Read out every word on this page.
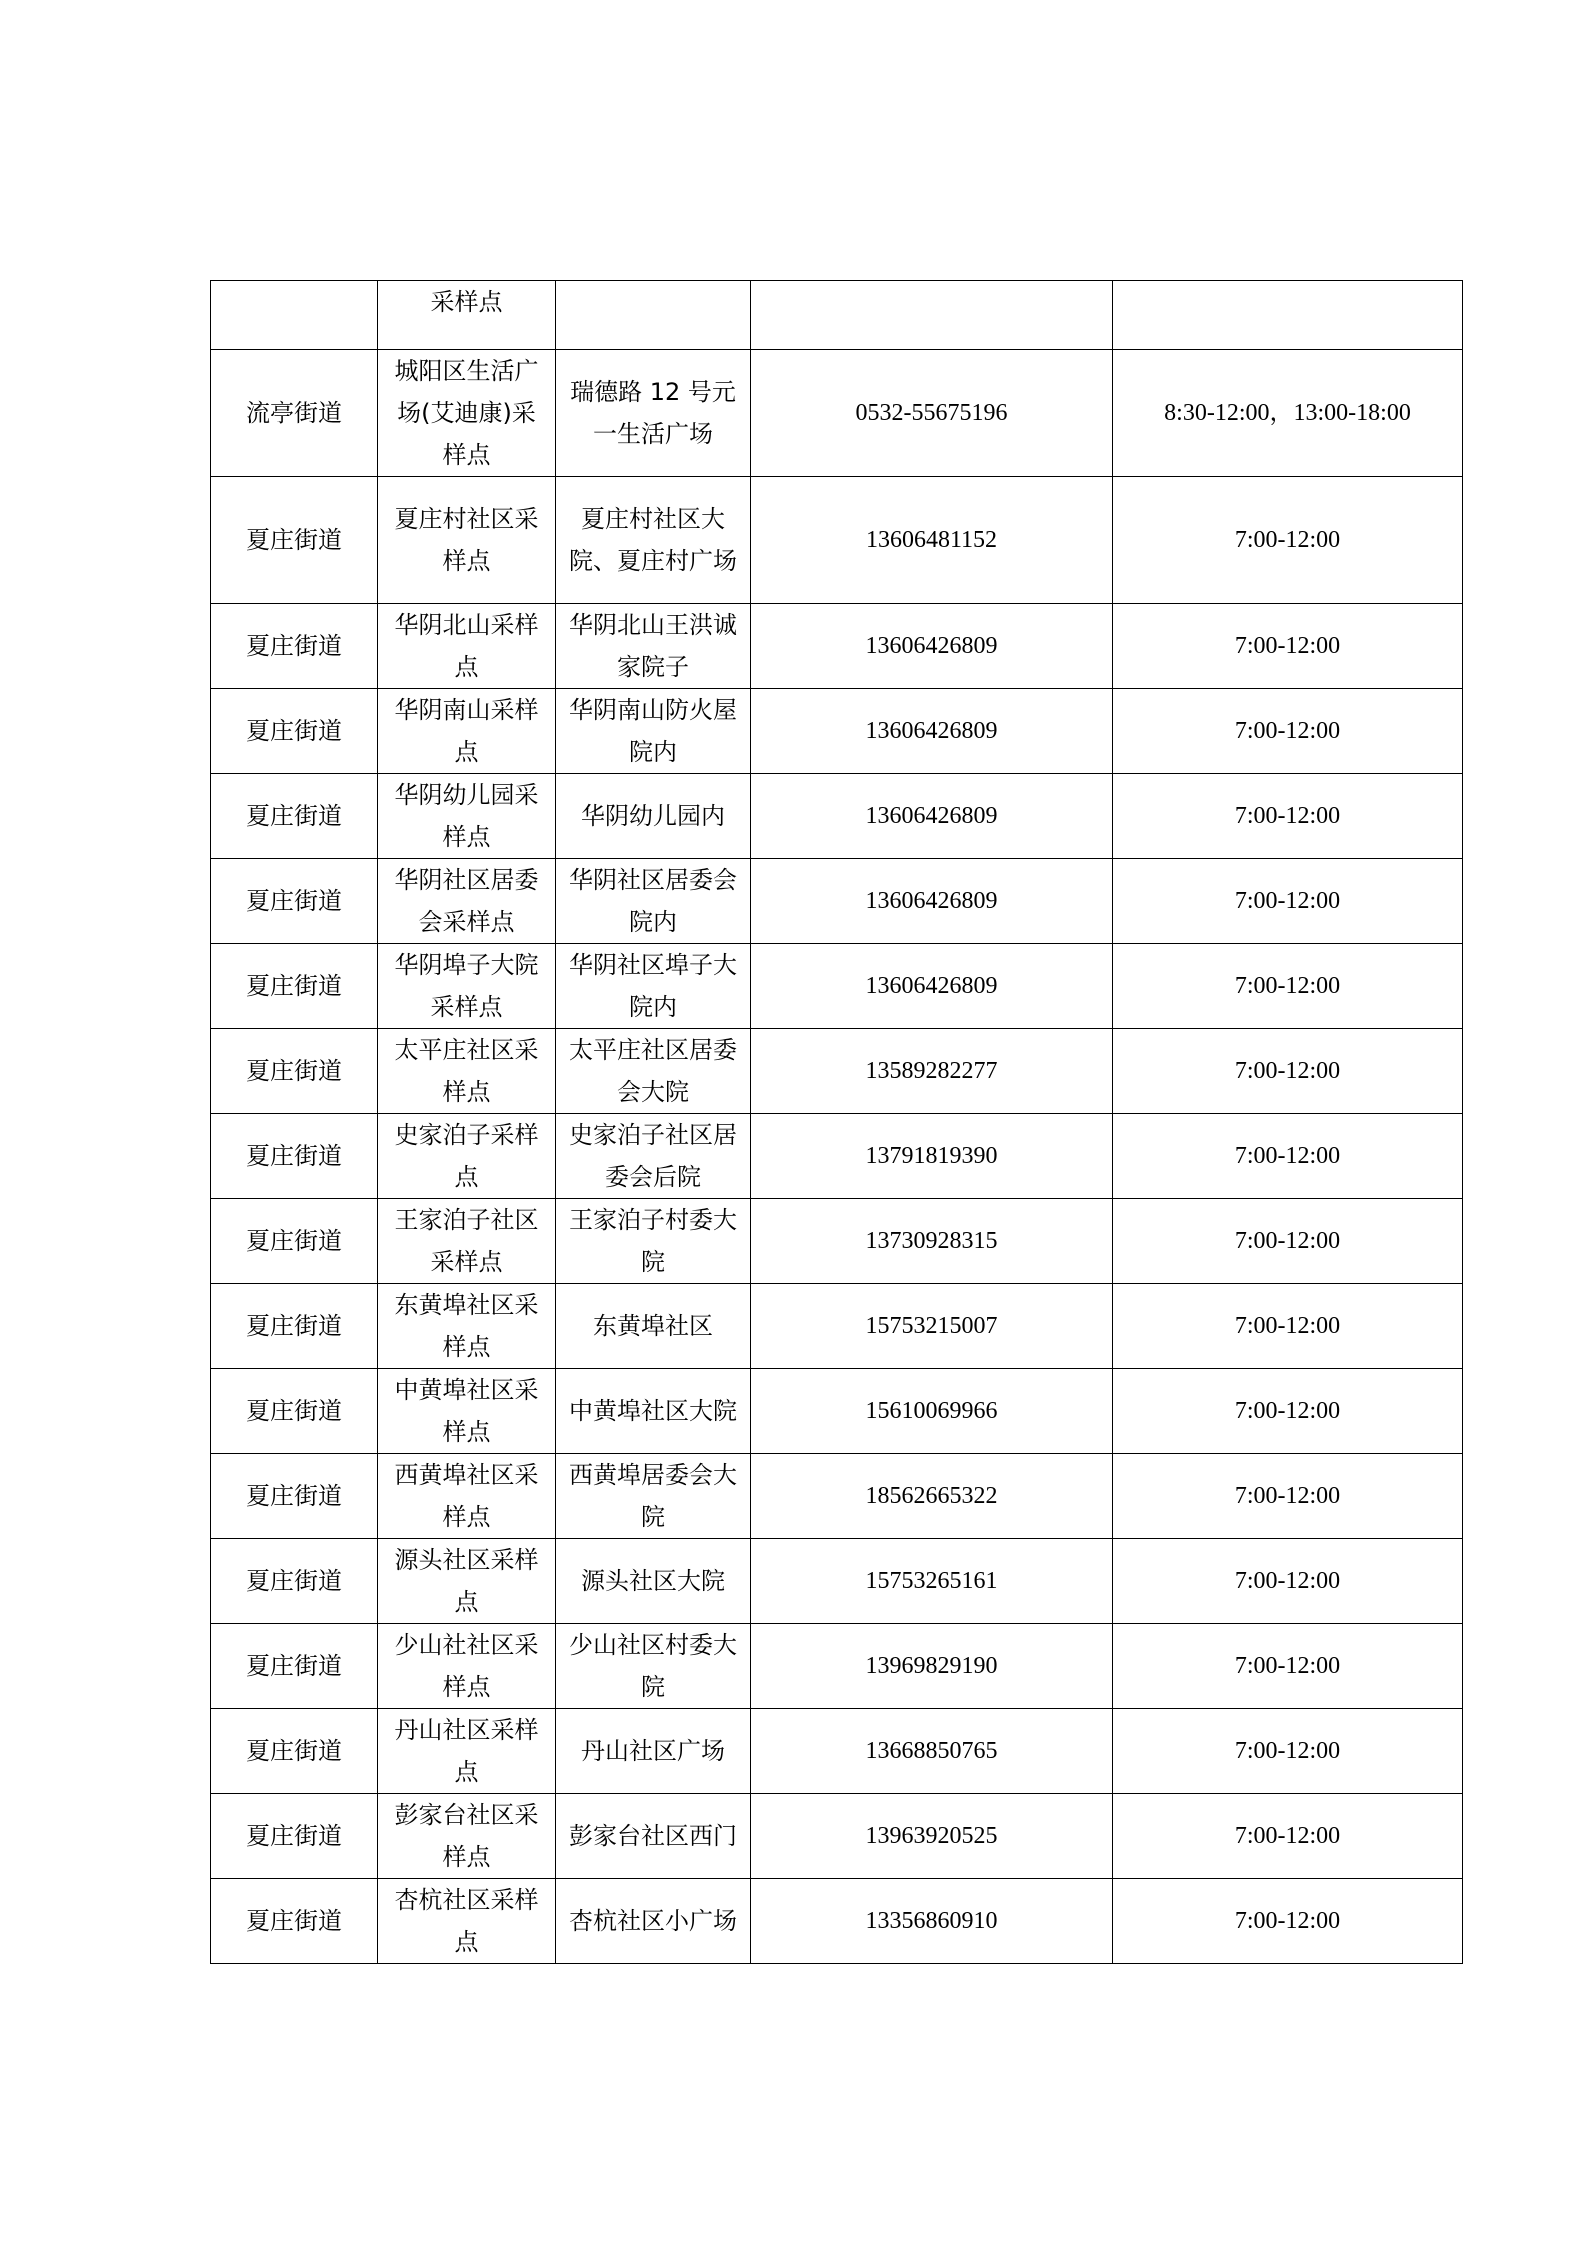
	采样点			
流亭街道	城阳区生活广场(艾迪康)采样点	瑞德路 12 号元一生活广场	0532-55675196	8:30-12:00，13:00-18:00
夏庄街道	夏庄村社区采样点	夏庄村社区大院、夏庄村广场	13606481152	7:00-12:00
夏庄街道	华阴北山采样点	华阴北山王洪诚家院子	13606426809	7:00-12:00
夏庄街道	华阴南山采样点	华阴南山防火屋院内	13606426809	7:00-12:00
夏庄街道	华阴幼儿园采样点	华阴幼儿园内	13606426809	7:00-12:00
夏庄街道	华阴社区居委会采样点	华阴社区居委会院内	13606426809	7:00-12:00
夏庄街道	华阴埠子大院采样点	华阴社区埠子大院内	13606426809	7:00-12:00
夏庄街道	太平庄社区采样点	太平庄社区居委会大院	13589282277	7:00-12:00
夏庄街道	史家泊子采样点	史家泊子社区居委会后院	13791819390	7:00-12:00
夏庄街道	王家泊子社区采样点	王家泊子村委大院	13730928315	7:00-12:00
夏庄街道	东黄埠社区采样点	东黄埠社区	15753215007	7:00-12:00
夏庄街道	中黄埠社区采样点	中黄埠社区大院	15610069966	7:00-12:00
夏庄街道	西黄埠社区采样点	西黄埠居委会大院	18562665322	7:00-12:00
夏庄街道	源头社区采样点	源头社区大院	15753265161	7:00-12:00
夏庄街道	少山社社区采样点	少山社区村委大院	13969829190	7:00-12:00
夏庄街道	丹山社区采样点	丹山社区广场	13668850765	7:00-12:00
夏庄街道	彭家台社区采样点	彭家台社区西门	13963920525	7:00-12:00
夏庄街道	杏杭社区采样点	杏杭社区小广场	13356860910	7:00-12:00
